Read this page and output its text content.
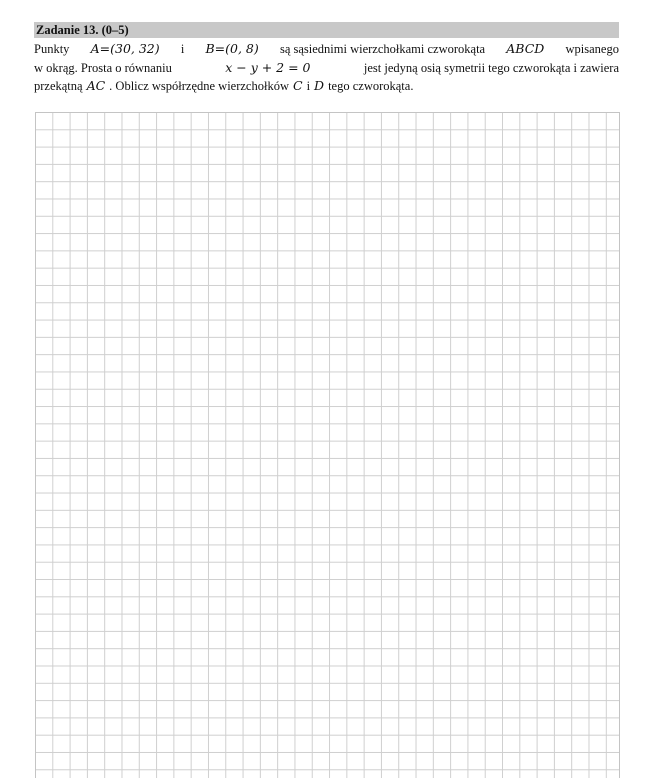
Zadanie 13. (0–5)

Punkty A=(30, 32) i B=(0, 8) są sąsiednimi wierzchołkami czworokąta ABCD wpisanego

w okrąg. Prosta o równaniu	x − y + 2 = 0	jest jedyną osią symetrii tego czworokąta i zawiera

przekątną AC . Oblicz współrzędne wierzchołków C i D tego czworokąta.
